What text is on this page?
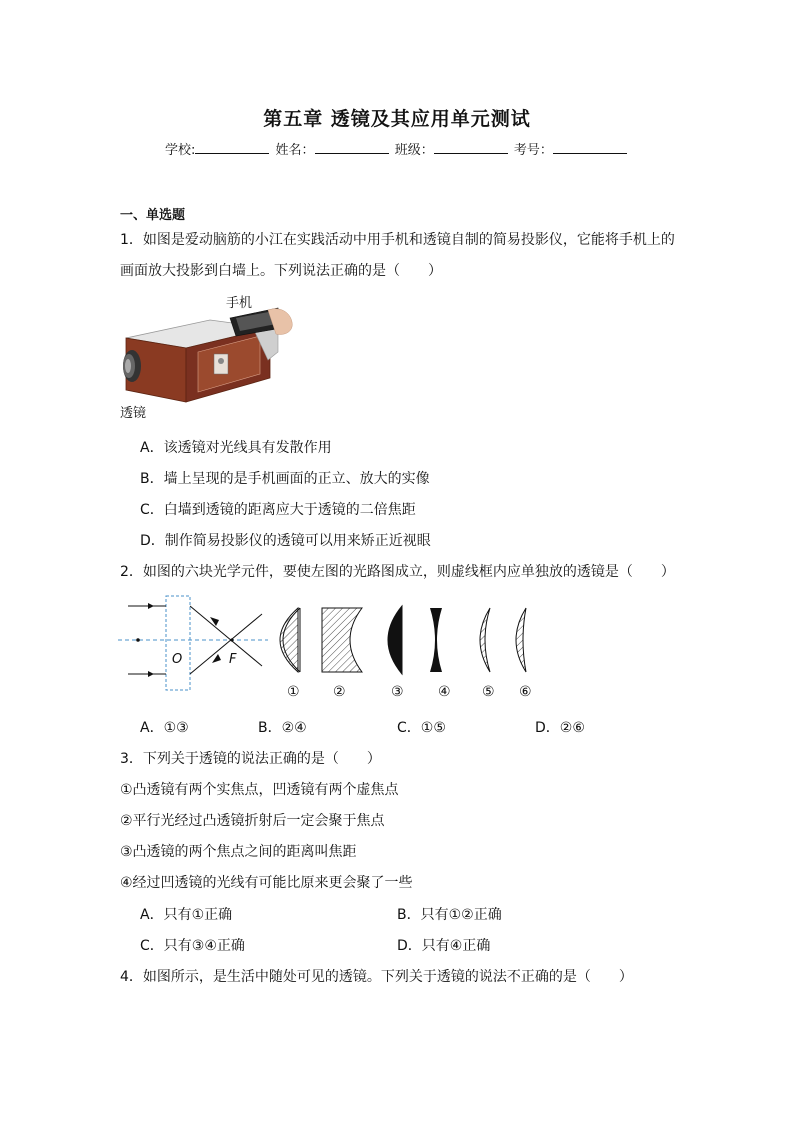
第五章 透镜及其应用单元测试
学校:	姓名：	班级：	考号：
一、单选题
1．如图是爱动脑筋的小江在实践活动中用手机和透镜自制的简易投影仪，它能将手机上的
画面放大投影到白墙上。下列说法正确的是（　　）
手机
透镜
A．该透镜对光线具有发散作用
B．墙上呈现的是手机画面的正立、放大的实像
C．白墙到透镜的距离应大于透镜的二倍焦距
D．制作简易投影仪的透镜可以用来矫正近视眼
2．如图的六块光学元件，要使左图的光路图成立，则虚线框内应单独放的透镜是（　　）
O	F
① ②	③ ④ ⑤ ⑥
A．①③	B．②④	C．①⑤	D．②⑥
3．下列关于透镜的说法正确的是（　　）
①凸透镜有两个实焦点，凹透镜有两个虚焦点
②平行光经过凸透镜折射后一定会聚于焦点
③凸透镜的两个焦点之间的距离叫焦距
④经过凹透镜的光线有可能比原来更会聚了一些
A．只有①正确	B．只有①②正确
C．只有③④正确	D．只有④正确
4．如图所示，是生活中随处可见的透镜。下列关于透镜的说法不正确的是（　　）
